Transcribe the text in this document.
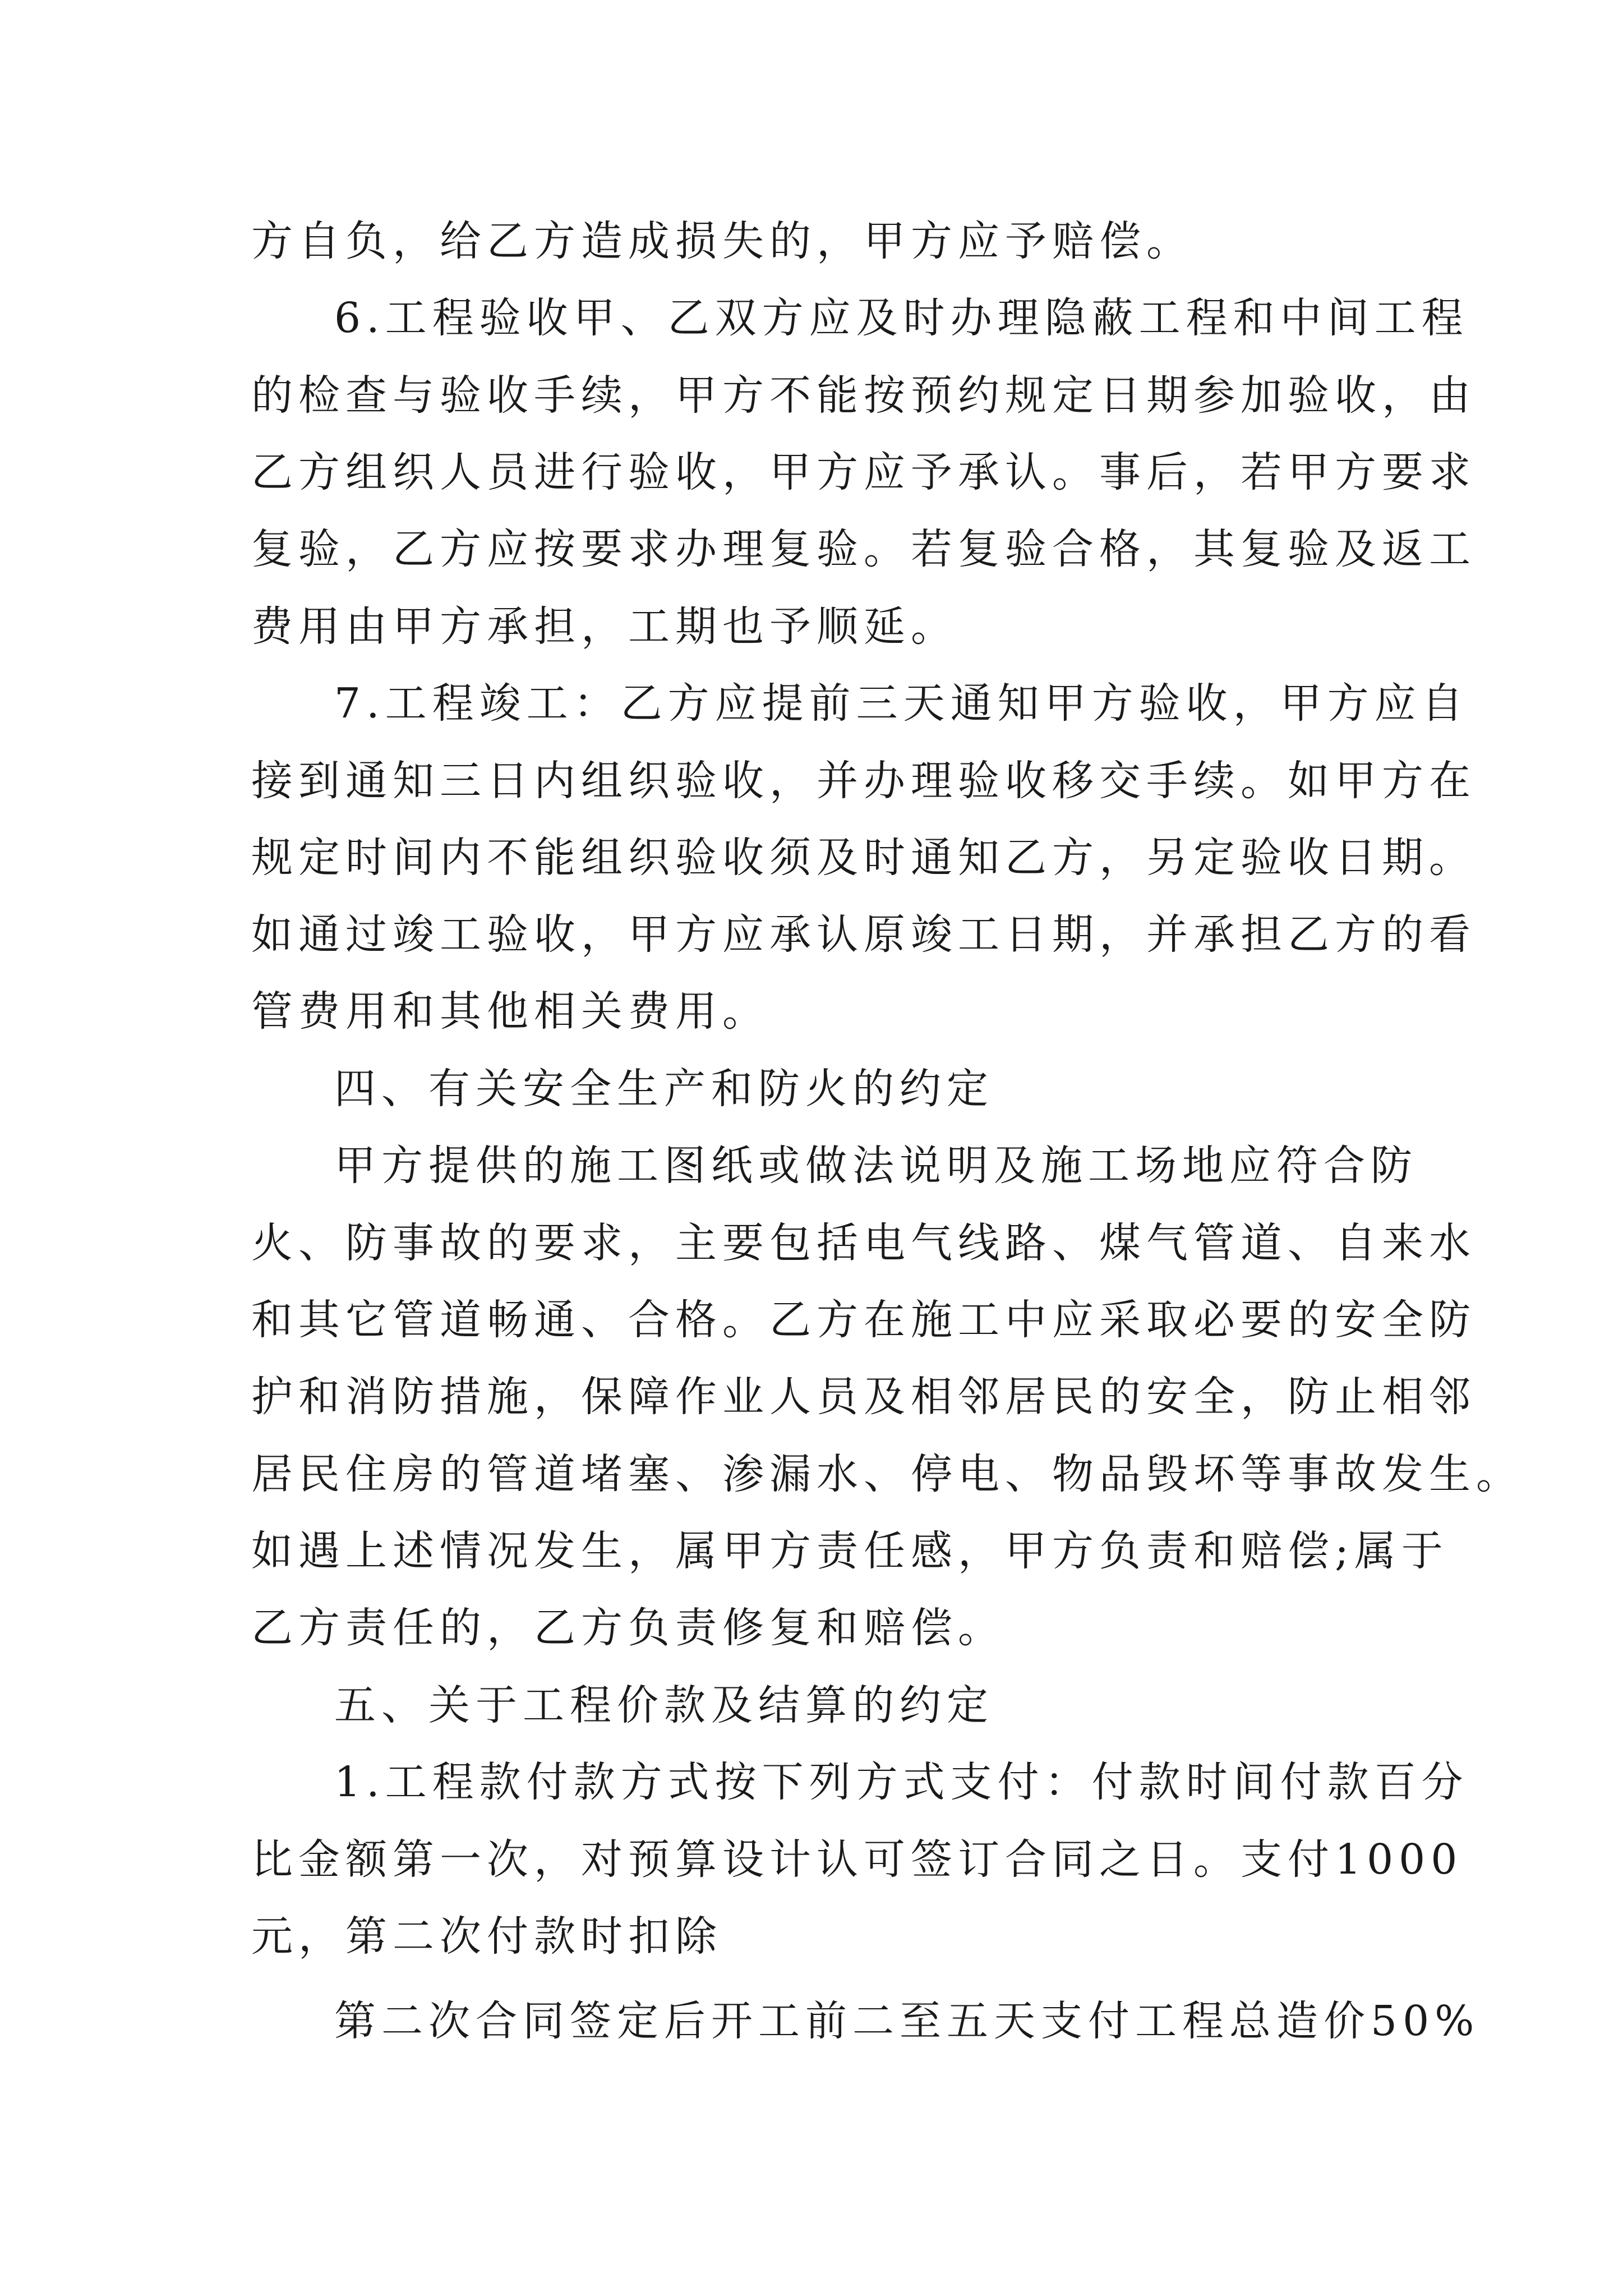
方自负，给乙方造成损失的，甲方应予赔偿。
6.工程验收甲、乙双方应及时办理隐蔽工程和中间工程
的检查与验收手续，甲方不能按预约规定日期参加验收，由
乙方组织人员进行验收，甲方应予承认。事后，若甲方要求
复验，乙方应按要求办理复验。若复验合格，其复验及返工
费用由甲方承担，工期也予顺延。
7.工程竣工：乙方应提前三天通知甲方验收，甲方应自
接到通知三日内组织验收，并办理验收移交手续。如甲方在
规定时间内不能组织验收须及时通知乙方，另定验收日期。
如通过竣工验收，甲方应承认原竣工日期，并承担乙方的看
管费用和其他相关费用。
四、有关安全生产和防火的约定
甲方提供的施工图纸或做法说明及施工场地应符合防
火、防事故的要求，主要包括电气线路、煤气管道、自来水
和其它管道畅通、合格。乙方在施工中应采取必要的安全防
护和消防措施，保障作业人员及相邻居民的安全，防止相邻
居民住房的管道堵塞、渗漏水、停电、物品毁坏等事故发生。
如遇上述情况发生，属甲方责任感，甲方负责和赔偿;属于
乙方责任的，乙方负责修复和赔偿。
五、关于工程价款及结算的约定
1.工程款付款方式按下列方式支付：付款时间付款百分
比金额第一次，对预算设计认可签订合同之日。支付1000
元，第二次付款时扣除
第二次合同签定后开工前二至五天支付工程总造价50%
